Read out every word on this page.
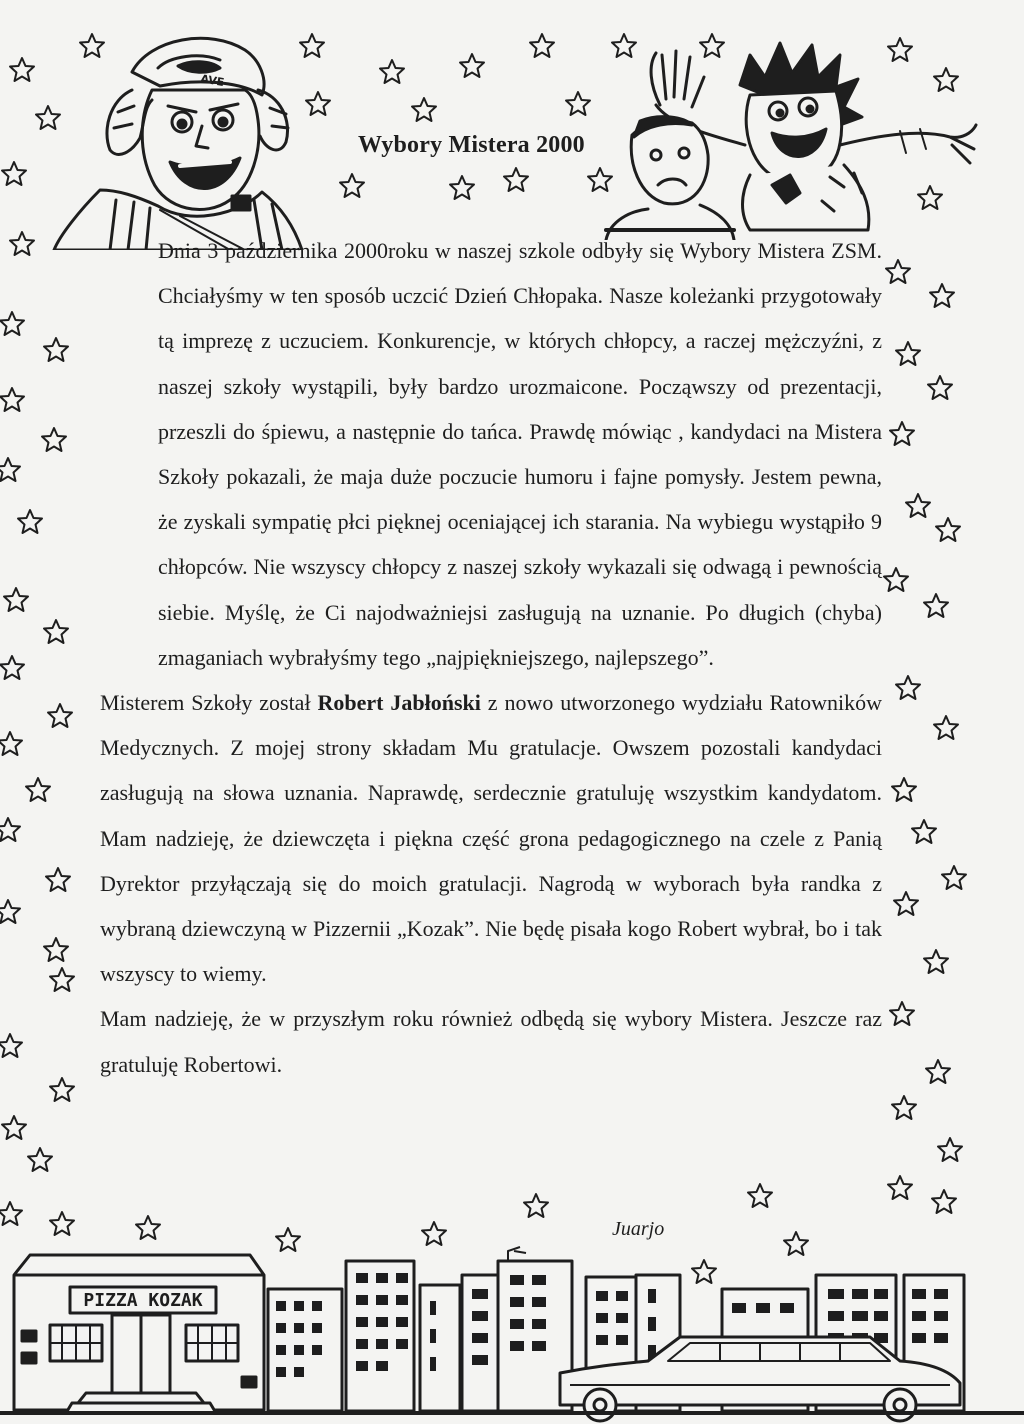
AVE
Wybory Mistera 2000

Dnia 3 października 2000roku w naszej szkole odbyły się Wybory Mistera ZSM. Chciałyśmy w ten sposób uczcić Dzień Chłopaka. Nasze koleżanki przygotowały tą imprezę z uczuciem. Konkurencje, w których chłopcy, a raczej mężczyźni, z naszej szkoły wystąpili, były bardzo urozmaicone. Począwszy od prezentacji, przeszli do śpiewu, a następnie do tańca. Prawdę mówiąc , kandydaci na Mistera Szkoły pokazali, że maja duże poczucie humoru i fajne pomysły. Jestem pewna, że zyskali sympatię płci pięknej oceniającej ich starania. Na wybiegu wystąpiło 9 chłopców. Nie wszyscy chłopcy z naszej szkoły wykazali się odwagą i pewnością siebie. Myślę, że Ci najodważniejsi zasługują na uznanie. Po długich (chyba) zmaganiach wybrałyśmy tego „najpiękniejszego, najlepszego”.

Misterem Szkoły został Robert Jabłoński z nowo utworzonego wydziału Ratowników Medycznych. Z mojej strony składam Mu gratulacje. Owszem pozostali kandydaci zasługują na słowa uznania. Naprawdę, serdecznie gratuluję wszystkim kandydatom. Mam nadzieję, że dziewczęta i piękna część grona pedagogicznego na czele z Panią Dyrektor przyłączają się do moich gratulacji. Nagrodą w wyborach była randka z wybraną dziewczyną w Pizzernii „Kozak”. Nie będę pisała kogo Robert wybrał, bo i tak wszyscy to wiemy.

Mam nadzieję, że w przyszłym roku również odbędą się wybory Mistera. Jeszcze raz gratuluję Robertowi.

Juarjo
PIZZA KOZAK
